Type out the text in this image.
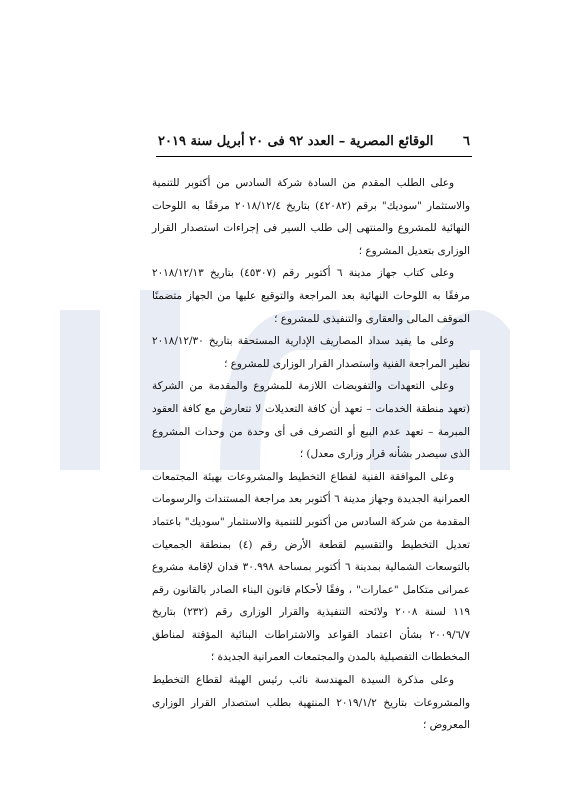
٦
الوقائع المصرية – العدد ٩٢ فى ٢٠ أبريل سنة ٢٠١٩

وعلى الطلب المقدم من السادة شركة السادس من أكتوبر للتنمية والاستثمار "سوديك" برقم (٤٢٠٨٢) بتاريخ ٢٠١٨/١٢/٤ مرفقًا به اللوحات النهائية للمشروع والمنتهى إلى طلب السير فى إجراءات استصدار القرار الوزارى بتعديل المشروع ؛

وعلى كتاب جهاز مدينة ٦ أكتوبر رقم (٤٥٣٠٧) بتاريخ ٢٠١٨/١٢/١٣ مرفقًا به اللوحات النهائية بعد المراجعة والتوقيع عليها من الجهاز متضمنًا الموقف المالى والعقارى والتنفيذى للمشروع ؛

وعلى ما يفيد سداد المصاريف الإدارية المستحقة بتاريخ ٢٠١٨/١٢/٣٠ نظير المراجعة الفنية واستصدار القرار الوزارى للمشروع ؛

وعلى التعهدات والتفويضات اللازمة للمشروع والمقدمة من الشركة (تعهد منطقة الخدمات – تعهد أن كافة التعديلات لا تتعارض مع كافة العقود المبرمة – تعهد عدم البيع أو التصرف فى أى وحدة من وحدات المشروع الذى سيصدر بشأنه قرار وزارى معدل) ؛

وعلى الموافقة الفنية لقطاع التخطيط والمشروعات بهيئة المجتمعات العمرانية الجديدة وجهاز مدينة ٦ أكتوبر بعد مراجعة المستندات والرسومات المقدمة من شركة السادس من أكتوبر للتنمية والاستثمار "سوديك" باعتماد تعديل التخطيط والتقسيم لقطعة الأرض رقم (٤) بمنطقة الجمعيات بالتوسعات الشمالية بمدينة ٦ أكتوبر بمساحة ٣٠.٩٩٨ فدان لإقامة مشروع عمرانى متكامل "عمارات" ، وفقًا لأحكام قانون البناء الصادر بالقانون رقم ١١٩ لسنة ٢٠٠٨ ولائحته التنفيذية والقرار الوزارى رقم (٢٣٢) بتاريخ ٢٠٠٩/٦/٧ بشأن اعتماد القواعد والاشتراطات البنائية المؤقتة لمناطق المخططات التفصيلية بالمدن والمجتمعات العمرانية الجديدة ؛

وعلى مذكرة السيدة المهندسة نائب رئيس الهيئة لقطاع التخطيط والمشروعات بتاريخ ٢٠١٩/١/٢ المنتهية بطلب استصدار القرار الوزارى المعروض ؛
